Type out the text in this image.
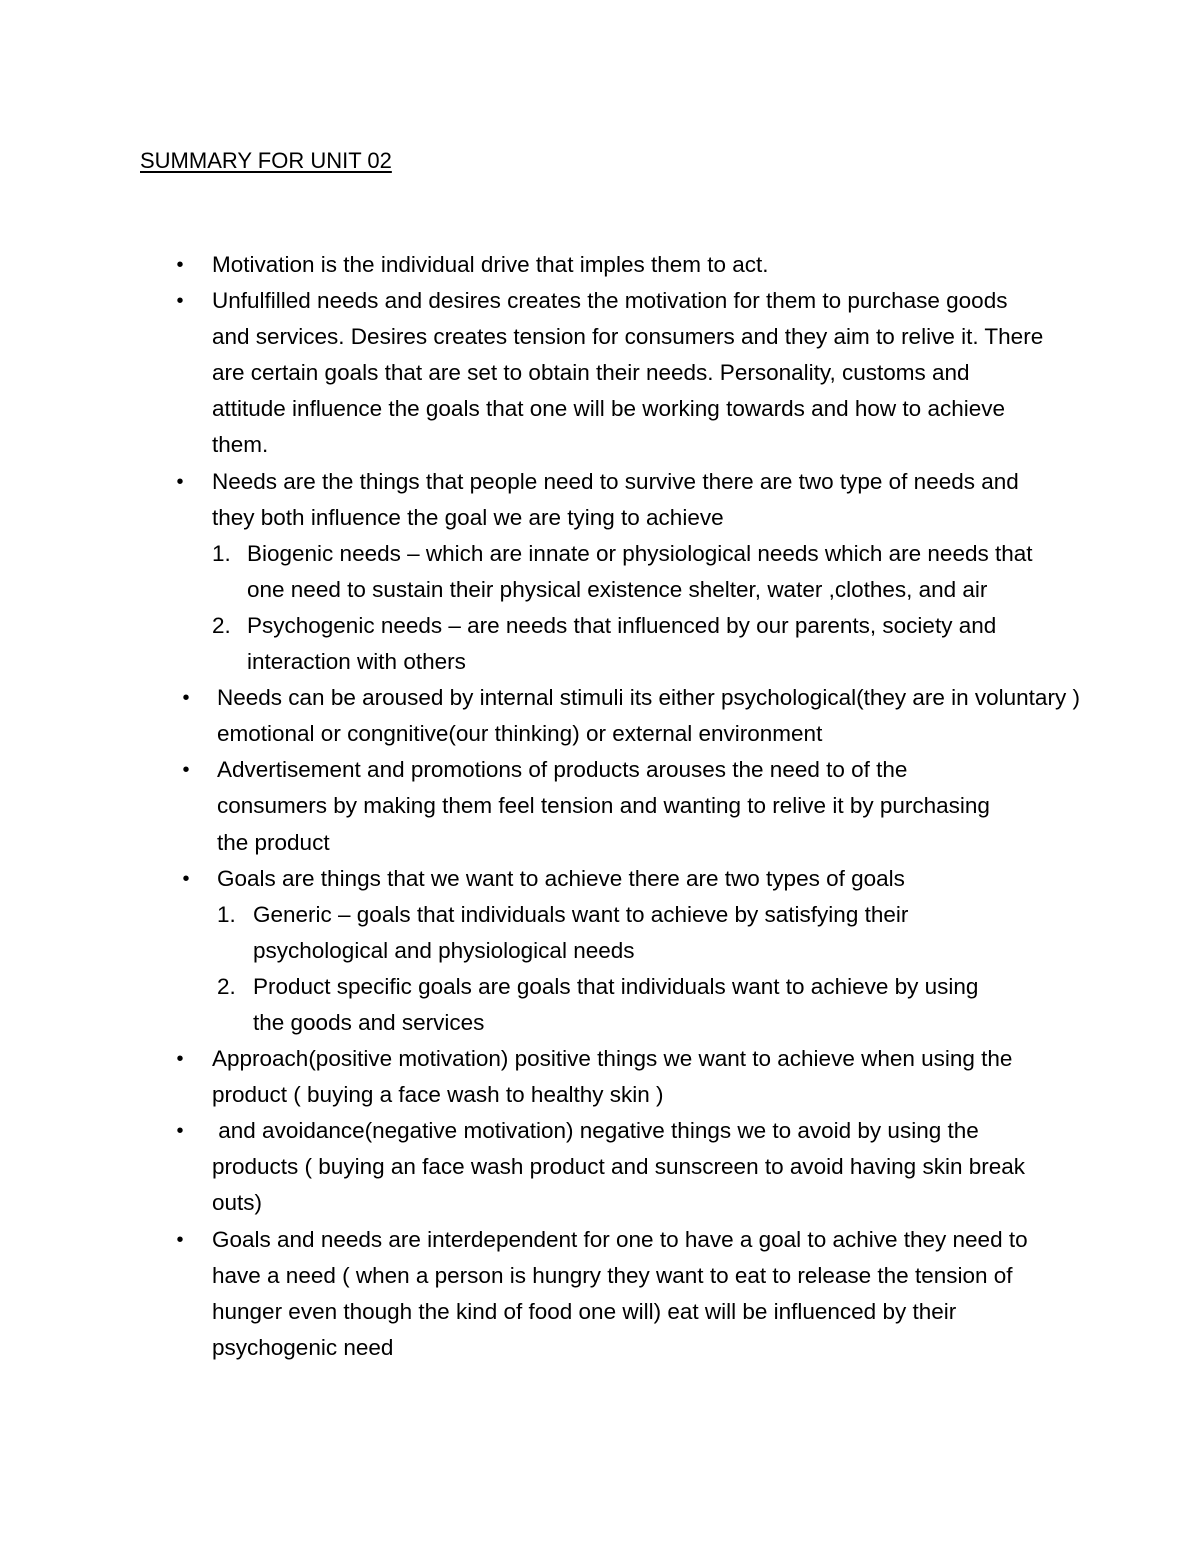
SUMMARY FOR UNIT 02
• Motivation is the individual drive that imples them to act.
• Unfulfilled needs and desires creates the motivation for them to purchase goods and services. Desires creates tension for consumers and they aim to relive it. There are certain goals that are set to obtain their needs. Personality, customs and attitude influence the goals that one will be working towards and how to achieve them.
• Needs are the things that people need to survive there are two type of needs and they both influence the goal we are tying to achieve
1. Biogenic needs – which are innate or physiological needs which are needs that one need to sustain their physical existence shelter, water ,clothes, and air
2. Psychogenic needs – are needs that influenced by our parents, society and interaction with others
• Needs can be aroused by internal stimuli its either psychological(they are in voluntary ) emotional or congnitive(our thinking) or external environment
• Advertisement and promotions of products arouses the need to of the consumers by making them feel tension and wanting to relive it by purchasing the product
• Goals are things that we want to achieve there are two types of goals
1. Generic – goals that individuals want to achieve by satisfying their psychological and physiological needs
2. Product specific goals are goals that individuals want to achieve by using the goods and services
• Approach(positive motivation) positive things we want to achieve when using the product ( buying a face wash to healthy skin )
• and avoidance(negative motivation) negative things we to avoid by using the products ( buying an face wash product and sunscreen to avoid having skin break outs)
• Goals and needs are interdependent for one to have a goal to achive they need to have a need ( when a person is hungry they want to eat to release the tension of hunger even though the kind of food one will) eat will be influenced by their psychogenic need
